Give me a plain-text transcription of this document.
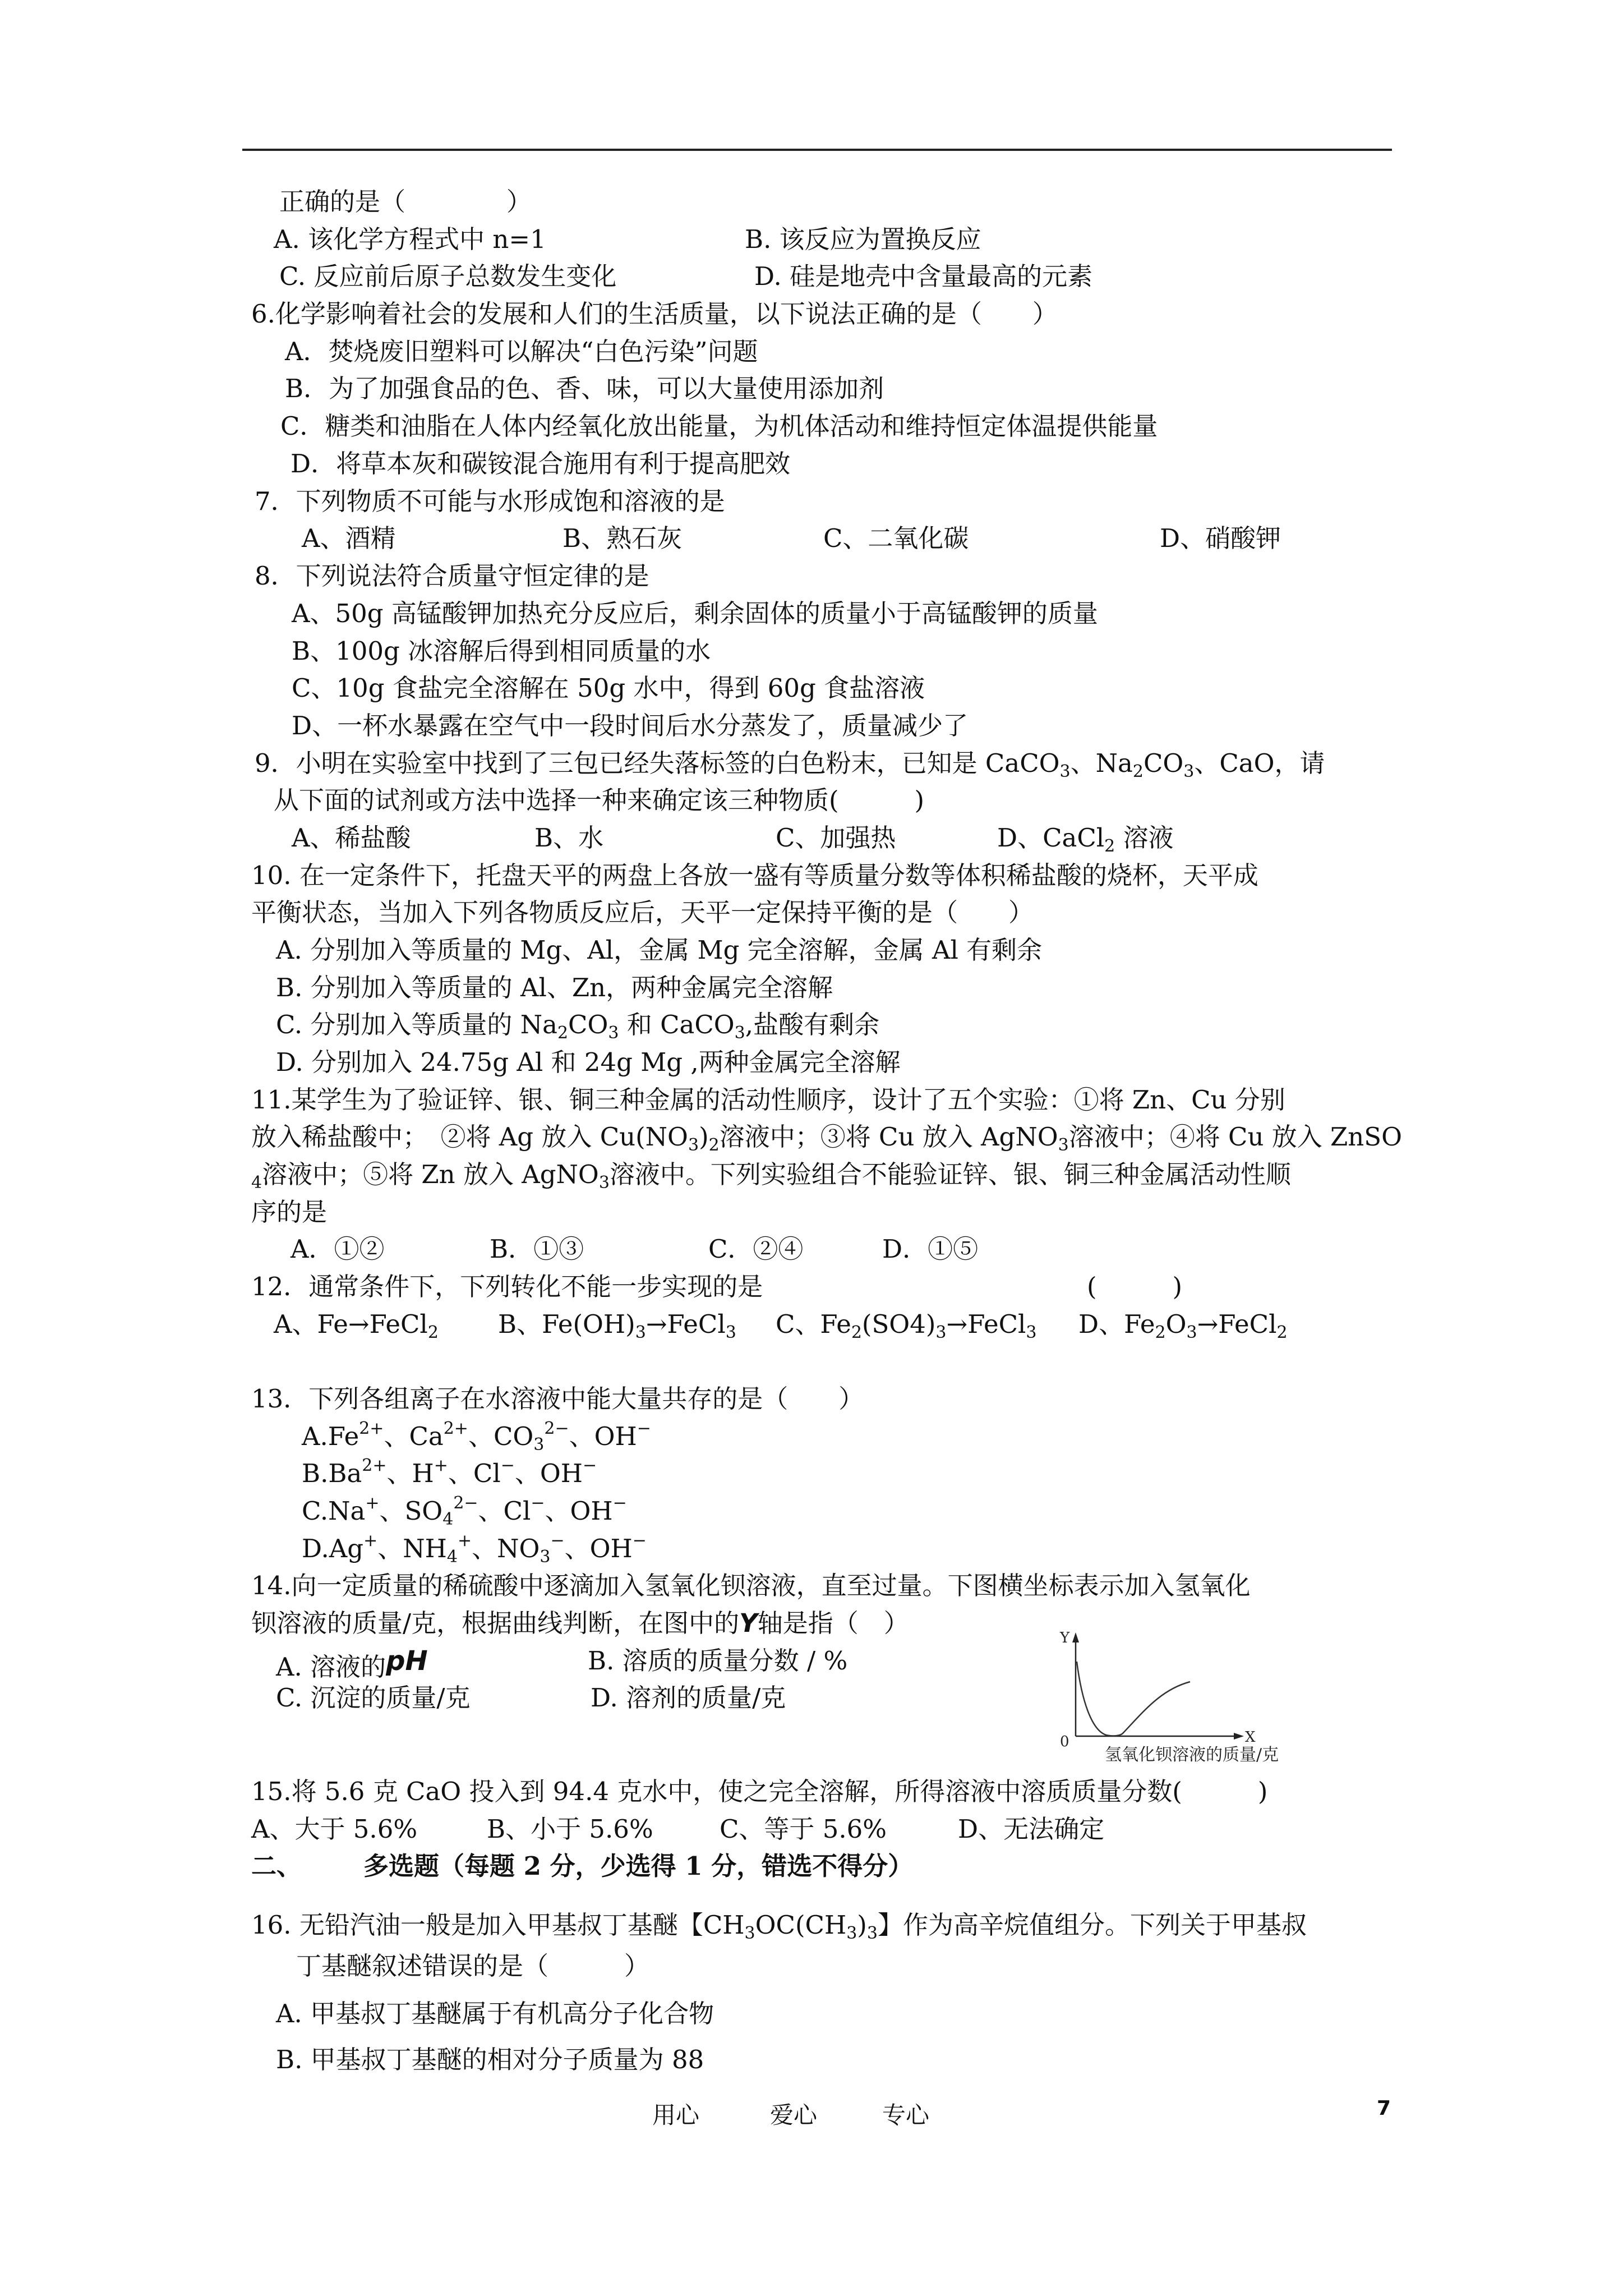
正确的是（　　　　）
A. 该化学方程式中 n=1	B. 该反应为置换反应
C. 反应前后原子总数发生变化	D. 硅是地壳中含量最高的元素
6.化学影响着社会的发展和人们的生活质量，以下说法正确的是（　　）
A．焚烧废旧塑料可以解决“白色污染”问题
B．为了加强食品的色、香、味，可以大量使用添加剂
C．糖类和油脂在人体内经氧化放出能量，为机体活动和维持恒定体温提供能量
D．将草本灰和碳铵混合施用有利于提高肥效
7．下列物质不可能与水形成饱和溶液的是
A、酒精	B、熟石灰	C、二氧化碳	D、硝酸钾
8．下列说法符合质量守恒定律的是
A、50g 高锰酸钾加热充分反应后，剩余固体的质量小于高锰酸钾的质量
B、100g 冰溶解后得到相同质量的水
C、10g 食盐完全溶解在 50g 水中，得到 60g 食盐溶液
D、一杯水暴露在空气中一段时间后水分蒸发了，质量减少了
9．小明在实验室中找到了三包已经失落标签的白色粉末，已知是 CaCO$_3$、$Na_2CO_3$、CaO，请
从下面的试剂或方法中选择一种来确定该三种物质(　　　)
A、稀盐酸	B、水	C、加强热	D、CaCl$_2$ 溶液
10. 在一定条件下，托盘天平的两盘上各放一盛有等质量分数等体积稀盐酸的烧杯，天平成
平衡状态，当加入下列各物质反应后，天平一定保持平衡的是（　　）
A. 分别加入等质量的 Mg、Al，金属 Mg 完全溶解，金属 Al 有剩余
B. 分别加入等质量的 Al、Zn，两种金属完全溶解
C. 分别加入等质量的 $Na_2CO_3$ 和 CaCO$_3$,盐酸有剩余
D. 分别加入 24.75g Al 和 24g Mg ,两种金属完全溶解
11.某学生为了验证锌、银、铜三种金属的活动性顺序，设计了五个实验：①将 Zn、Cu 分别
放入稀盐酸中；　②将 Ag 放入 $Cu(NO_3)_2$溶液中；③将 Cu 放入 AgNO$_3$溶液中；④将 Cu 放入 ZnSO
$_4$溶液中；⑤将 Zn 放入 AgNO$_3$溶液中。下列实验组合不能验证锌、银、铜三种金属活动性顺
序的是
A．①②	B．①③	C．②④	D．①⑤
12．通常条件下，下列转化不能一步实现的是	(　　　)
A、Fe→FeCl$_2$ B、$Fe(OH)_3\to FeCl_3$ C、$Fe_2(SO4)_3\to FeCl_3$ D、$Fe_2O_3\to FeCl_2$
13．下列各组离子在水溶液中能大量共存的是（　　）
$A.Fe^{2+}$、$Ca^{2+}$、$CO_3^{2-}$、OH−
$B.Ba^{2+}$、H+、Cl−、OH−
C.Na+、$SO_4^{2-}$、Cl−、OH−
D.Ag+、$NH_4^+$、$NO_3^-$、OH−
14.向一定质量的稀硫酸中逐滴加入氢氧化钡溶液，直至过量。下图横坐标表示加入氢氧化
钡溶液的质量/克，根据曲线判断，在图中的Y轴是指（　）
A. 溶液的pH	B. 溶质的质量分数 / %
C. 沉淀的质量/克	D. 溶剂的质量/克
Y
X
0
氢氧化钡溶液的质量/克
15.将 5.6 克 CaO 投入到 94.4 克水中，使之完全溶解，所得溶液中溶质质量分数(　　　)
A、大于 5.6%	B、小于 5.6%	C、等于 5.6%	D、无法确定
二、 多选题（每题 2 分，少选得 1 分，错选不得分）
16. 无铅汽油一般是加入甲基叔丁基醚【$CH_3OC(CH_3)_3$】作为高辛烷值组分。下列关于甲基叔
丁基醚叙述错误的是（　　　）
A. 甲基叔丁基醚属于有机高分子化合物
B. 甲基叔丁基醚的相对分子质量为 88
用心	爱心	专心	7
